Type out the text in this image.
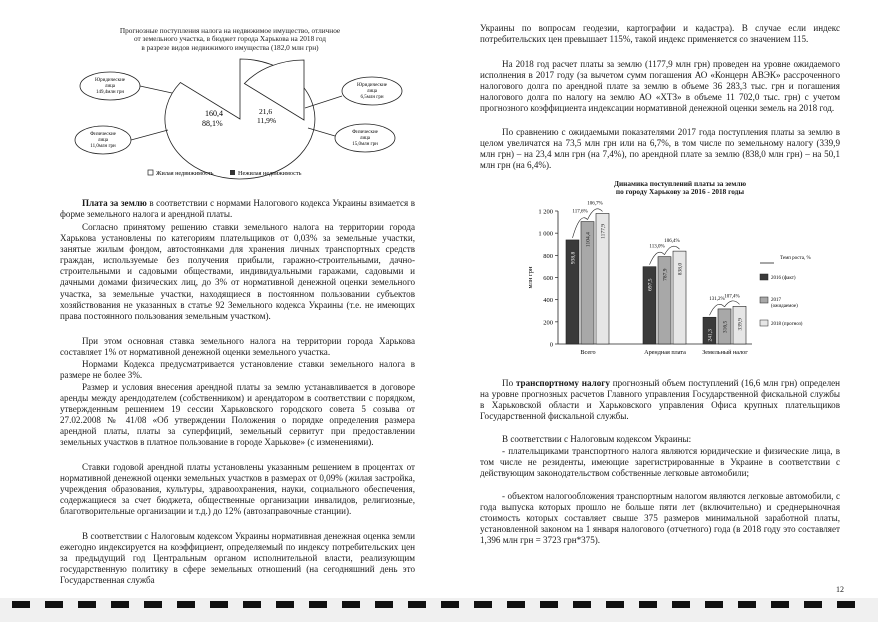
Прогнозные поступления налога на недвижимое имущество, отличное
от земельного участка, в бюджет города Харькова на 2018 год
в разрезе видов недвижимого имущества (182,0 млн грн)
160,4
88,1%
21,6
11,9%
Юридические
лица
149,4млн грн
Физические
лица
11,0млн грн
Юридические
лица
6,5млн грн
Физические
лица
15,0млн грн
Жилая недвижимость	Нежилая недвижимость

Плата за землю в соответствии с нормами Налогового кодекса Украины взимается в форме земельного налога и арендной платы.

Согласно принятому решению ставки земельного налога на территории города Харькова установлены по категориям плательщиков от 0,03% за земельные участки, занятые жилым фондом, автостоянками для хранения личных транспортных средств граждан, используемые без получения прибыли, гаражно-строительными, дачно-строительными и садовыми обществами, индивидуальными гаражами, садовыми и дачными домами физических лиц, до 3% от нормативной денежной оценки земельного участка, за земельные участки, находящиеся в постоянном пользовании субъектов хозяйствования не указанных в статье 92 Земельного кодекса Украины (т.е. не имеющих права постоянного пользования земельным участком).

При этом основная ставка земельного налога на территории города Харькова составляет 1% от нормативной денежной оценки земельного участка.

Нормами Кодекса предусматривается установление ставки земельного налога в размере не более 3%.

Размер и условия внесения арендной платы за землю устанавливается в договоре аренды между арендодателем (собственником) и арендатором в соответствии с порядком, утвержденным решением 19 сессии Харьковского городского совета 5 созыва от 27.02.2008 № 41/08 «Об утверждении Положения о порядке определения размера арендной платы, платы за суперфиций, земельный сервитут при предоставлении земельных участков в платное пользование в городе Харькове» (с изменениями).

Ставки годовой арендной платы установлены указанным решением в процентах от нормативной денежной оценки земельных участков в размерах от 0,09% (жилая застройка, учреждения образования, культуры, здравоохранения, науки, социального обеспечения, содержащиеся за счет бюджета, общественные организации инвалидов, религиозные, благотворительные организации и т.д.) до 12% (автозаправочные станции).

В соответствии с Налоговым кодексом Украины нормативная денежная оценка земли ежегодно индексируется на коэффициент, определяемый по индексу потребительских цен за предыдущий год Центральным органом исполнительной власти, реализующим государственную политику в сфере земельных отношений (на сегодняшний день это Государственная служба

Украины по вопросам геодезии, картографии и кадастра). В случае если индекс потребительских цен превышает 115%, такой индекс применяется со значением 115.

На 2018 год расчет платы за землю (1177,9 млн грн) проведен на уровне ожидаемого исполнения в 2017 году (за вычетом сумм погашения АО «Концерн АВЭК» рассроченного налогового долга по арендной плате за землю в объеме 36 283,3 тыс. грн и погашения налогового долга по налогу на землю АО «ХТЗ» в объеме 11 702,0 тыс. грн) с учетом прогнозного коэффициента индексации нормативной денежной оценки земель на 2018 год.

По сравнению с ожидаемыми показателями 2017 года поступления платы за землю в целом увеличатся на 73,5 млн грн или на 6,7%, в том числе по земельному налогу (339,9 млн грн) – на 23,4 млн грн (на 7,4%), по арендной плате за землю (838,0 млн грн) – на 50,1 млн грн (на 6,4%).

Динамика поступлений платы за землю
по городу Харькову за 2016 - 2018 годы
0
200
400
600
800
1 000
1 200
млн грн
938,8
1104,4
1177,9
117,6%
106,7%
Всего
697,5
787,9 838,0
113,0%
106,4%
Арендная плата
241,3
316,5 339,9
131,2%
107,4%
Земельный налог
Темп роста, %
2016 (факт)
2017
(ожидаемое)
2018 (прогноз)

По транспортному налогу прогнозный объем поступлений (16,6 млн грн) определен на уровне прогнозных расчетов Главного управления Государственной фискальной службы в Харьковской области и Харьковского управления Офиса крупных плательщиков Государственной фискальной службы.

В соответствии с Налоговым кодексом Украины:

- плательщиками транспортного налога являются юридические и физические лица, в том числе не резиденты, имеющие зарегистрированные в Украине в соответствии с действующим законодательством собственные легковые автомобили;

- объектом налогообложения транспортным налогом являются легковые автомобили, с года выпуска которых прошло не больше пяти лет (включительно) и среднерыночная стоимость которых составляет свыше 375 размеров минимальной заработной платы, установленной законом на 1 января налогового (отчетного) года (в 2018 году это составляет 1,396 млн грн = 3723 грн*375).

12
